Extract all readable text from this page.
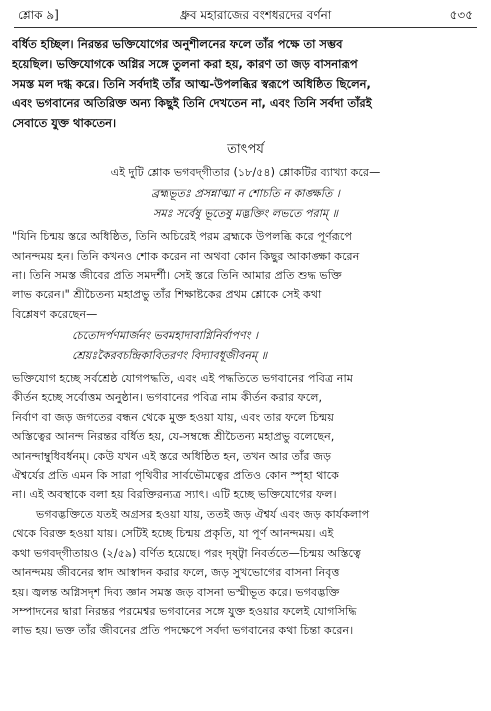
শ্লোক ৯]	ধ্রুব মহারাজের বংশধরদের বর্ণনা	৫৩৫
বর্ধিত হচ্ছিল। নিরন্তর ভক্তিযোগের অনুশীলনের ফলে তাঁর পক্ষে তা সম্ভব
হয়েছিল। ভক্তিযোগকে অগ্নির সঙ্গে তুলনা করা হয়, কারণ তা জড় বাসনারূপ
সমস্ত মল দগ্ধ করে। তিনি সর্বদাই তাঁর আত্ম-উপলব্ধির স্বরূপে অধিষ্ঠিত ছিলেন,
এবং ভগবানের অতিরিক্ত অন্য কিছুই তিনি দেখতেন না, এবং তিনি সর্বদা তাঁরই
সেবাতে যুক্ত থাকতেন।
তাৎপর্য
এই দুটি শ্লোক ভগবদ্‌গীতার (১৮/৫৪) শ্লোকটির ব্যাখ্যা করে—
ব্রহ্মভূতঃ প্রসন্নাত্মা ন শোচতি ন কাঙ্ক্ষতি ।
সমঃ সর্বেষু ভূতেষু মদ্ভক্তিং লভতে পরাম্‌ ॥
"যিনি চিন্ময় স্তরে অধিষ্ঠিত, তিনি অচিরেই পরম ব্রহ্মকে উপলব্ধি করে পূর্ণরূপে
আনন্দময় হন। তিনি কখনও শোক করেন না অথবা কোন কিছুর আকাঙ্ক্ষা করেন
না। তিনি সমস্ত জীবের প্রতি সমদর্শী। সেই স্তরে তিনি আমার প্রতি শুদ্ধ ভক্তি
লাভ করেন।" শ্রীচৈতন্য মহাপ্রভু তাঁর শিক্ষাষ্টকের প্রথম শ্লোকে সেই কথা
বিশ্লেষণ করেছেন—
চেতোদর্পণমার্জনং ভবমহাদাবাগ্নিনির্বাপণং ।
শ্রেয়ঃকৈরবচন্দ্রিকাবিতরণং বিদ্যাবধূজীবনম্‌ ॥
ভক্তিযোগ হচ্ছে সর্বশ্রেষ্ঠ যোগপদ্ধতি, এবং এই পদ্ধতিতে ভগবানের পবিত্র নাম
কীর্তন হচ্ছে সর্বোত্তম অনুষ্ঠান। ভগবানের পবিত্র নাম কীর্তন করার ফলে,
নির্বাণ বা জড় জগতের বন্ধন থেকে মুক্ত হওয়া যায়, এবং তার ফলে চিন্ময়
অস্তিত্বের আনন্দ নিরন্তর বর্ধিত হয়, যে-সম্বন্ধে শ্রীচৈতন্য মহাপ্রভু বলেছেন,
আনন্দাম্বুধিবর্ধনম্‌। কেউ যখন এই স্তরে অধিষ্ঠিত হন, তখন আর তাঁর জড়
ঐশ্বর্যের প্রতি এমন কি সারা পৃথিবীর সার্বভৌমত্বের প্রতিও কোন স্পৃহা থাকে
না। এই অবস্থাকে বলা হয় বিরক্তিরন্যত্র স্যাৎ। এটি হচ্ছে ভক্তিযোগের ফল।
ভগবদ্ভক্তিতে যতই অগ্রসর হওয়া যায়, ততই জড় ঐশ্বর্য এবং জড় কার্যকলাপ
থেকে বিরক্ত হওয়া যায়। সেটিই হচ্ছে চিন্ময় প্রকৃতি, যা পূর্ণ আনন্দময়। এই
কথা ভগবদ্‌গীতায়ও (২/৫৯) বর্ণিত হয়েছে। পরং দৃষ্ট্বা নিবর্ততে—চিন্ময় অস্তিত্বে
আনন্দময় জীবনের স্বাদ আস্বাদন করার ফলে, জড় সুখভোগের বাসনা নিবৃত্ত
হয়। জ্বলন্ত অগ্নিসদৃশ দিব্য জ্ঞান সমস্ত জড় বাসনা ভস্মীভূত করে। ভগবদ্ভক্তি
সম্পাদনের দ্বারা নিরন্তর পরমেশ্বর ভগবানের সঙ্গে যুক্ত হওয়ার ফলেই যোগসিদ্ধি
লাভ হয়। ভক্ত তাঁর জীবনের প্রতি পদক্ষেপে সর্বদা ভগবানের কথা চিন্তা করেন।
